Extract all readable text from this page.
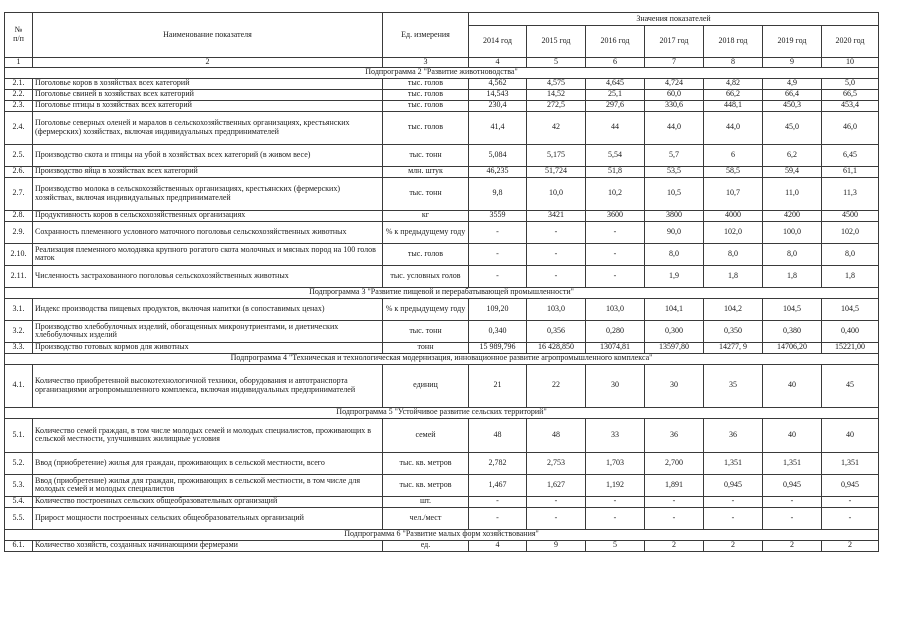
№
п/п	Наименование показателя	Ед. измерения	Значения показателей						
			2014 год	2015 год	2016 год	2017 год	2018 год	2019 год	2020 год
1	2	3	4	5	6	7	8	9	10
Подпрограмма 2 "Развитие животноводства"									
2.1.	Поголовье коров в хозяйствах всех категорий	тыс. голов	4,562	4,575	4,645	4,724	4,82	4,9	5,0
2.2.	Поголовье свиней в хозяйствах всех категорий	тыс. голов	14,543	14,52	25,1	60,0	66,2	66,4	66,5
2.3.	Поголовье птицы в хозяйствах всех категорий	тыс. голов	230,4	272,5	297,6	330,6	448,1	450,3	453,4
2.4.	Поголовье северных оленей и маралов в сельскохозяйственных организациях, крестьянских (фермерских) хозяйствах, включая индивидуальных предпринимателей	тыс. голов	41,4	42	44	44,0	44,0	45,0	46,0
2.5.	Производство скота и птицы на убой в хозяйствах всех категорий (в живом весе)	тыс. тонн	5,084	5,175	5,54	5,7	6	6,2	6,45
2.6.	Производство яйца в хозяйствах всех категорий	млн. штук	46,235	51,724	51,8	53,5	58,5	59,4	61,1
2.7.	Производство молока в сельскохозяйственных организациях, крестьянских (фермерских) хозяйствах, включая индивидуальных предпринимателей	тыс. тонн	9,8	10,0	10,2	10,5	10,7	11,0	11,3
2.8.	Продуктивность коров в сельскохозяйственных организациях	кг	3559	3421	3600	3800	4000	4200	4500
2.9.	Сохранность племенного условного маточного поголовья сельскохозяйственных животных	% к предыдущему году	-	-	-	90,0	102,0	100,0	102,0
2.10.	Реализация племенного молодняка крупного рогатого скота молочных и мясных пород на 100 голов маток	тыс. голов	-	-	-	8,0	8,0	8,0	8,0
2.11.	Численность застрахованного поголовья сельскохозяйственных животных	тыс. условных голов	-	-	-	1,9	1,8	1,8	1,8
Подпрограмма 3 "Развитие пищевой и перерабатывающей промышленности"									
3.1.	Индекс производства пищевых продуктов, включая напитки (в сопоставимых ценах)	% к предыдущему году	109,20	103,0	103,0	104,1	104,2	104,5	104,5
3.2.	Производство хлебобулочных изделий, обогащенных микронутриентами, и диетических хлебобулочных изделий	тыс. тонн	0,340	0,356	0,280	0,300	0,350	0,380	0,400
3.3.	Производство готовых кормов для животных	тонн	15 989,796	16 428,850	13074,81	13597,80	14277, 9	14706,20	15221,00
Подпрограмма 4 "Техническая и технологическая модернизация, инновационное развитие агропромышленного комплекса"									
4.1.	Количество приобретенной высокотехнологичной техники, оборудования и автотранспорта организациями агропромышленного комплекса, включая индивидуальных предпринимателей	единиц	21	22	30	30	35	40	45
Подпрограмма 5 "Устойчивое развитие сельских территорий"									
5.1.	Количество семей граждан, в том числе молодых семей и молодых специалистов, проживающих в сельской местности, улучшивших жилищные условия	семей	48	48	33	36	36	40	40
5.2.	Ввод (приобретение) жилья для граждан, проживающих в сельской местности, всего	тыс. кв. метров	2,782	2,753	1,703	2,700	1,351	1,351	1,351
5.3.	Ввод (приобретение) жилья для граждан, проживающих в сельской местности, в том числе для молодых семей и молодых специалистов	тыс. кв. метров	1,467	1,627	1,192	1,891	0,945	0,945	0,945
5.4.	Количество построенных сельских общеобразовательных организаций	шт.	-	-	-	-	-	-	-
5.5.	Прирост мощности построенных сельских общеобразовательных организаций	чел./мест	-	-	-	-	-	-	-
Подпрограмма 6 "Развитие малых форм хозяйствования"									
6.1.	Количество хозяйств, созданных начинающими фермерами	ед.	4	9	5	2	2	2	2
